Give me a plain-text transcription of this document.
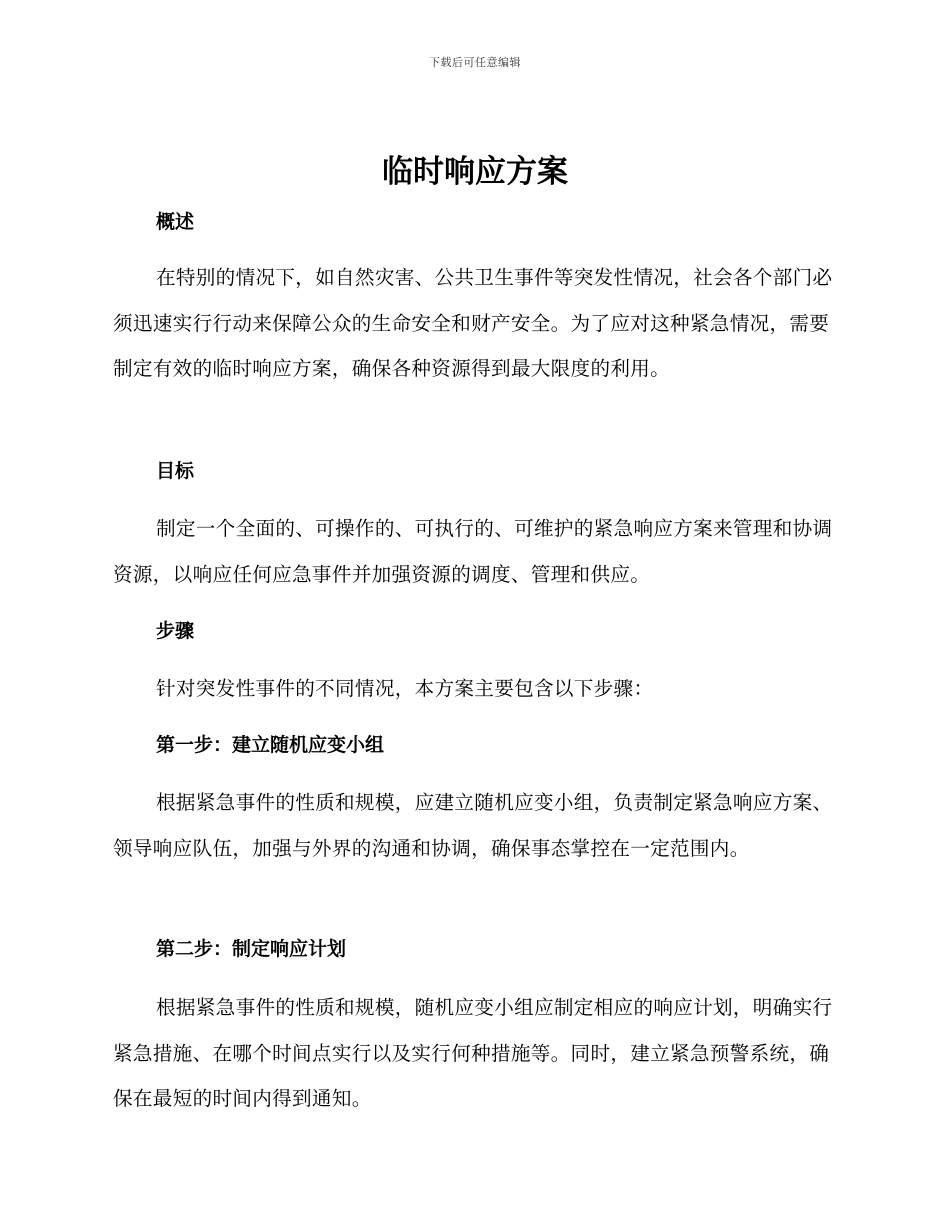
下载后可任意编辑
临时响应方案
概述

在特别的情况下，如自然灾害、公共卫生事件等突发性情况，社会各个部门必须迅速实行行动来保障公众的生命安全和财产安全。为了应对这种紧急情况，需要制定有效的临时响应方案，确保各种资源得到最大限度的利用。

目标

制定一个全面的、可操作的、可执行的、可维护的紧急响应方案来管理和协调资源，以响应任何应急事件并加强资源的调度、管理和供应。

步骤

针对突发性事件的不同情况，本方案主要包含以下步骤：

第一步：建立随机应变小组

根据紧急事件的性质和规模，应建立随机应变小组，负责制定紧急响应方案、领导响应队伍，加强与外界的沟通和协调，确保事态掌控在一定范围内。

第二步：制定响应计划

根据紧急事件的性质和规模，随机应变小组应制定相应的响应计划，明确实行紧急措施、在哪个时间点实行以及实行何种措施等。同时，建立紧急预警系统，确保在最短的时间内得到通知。
